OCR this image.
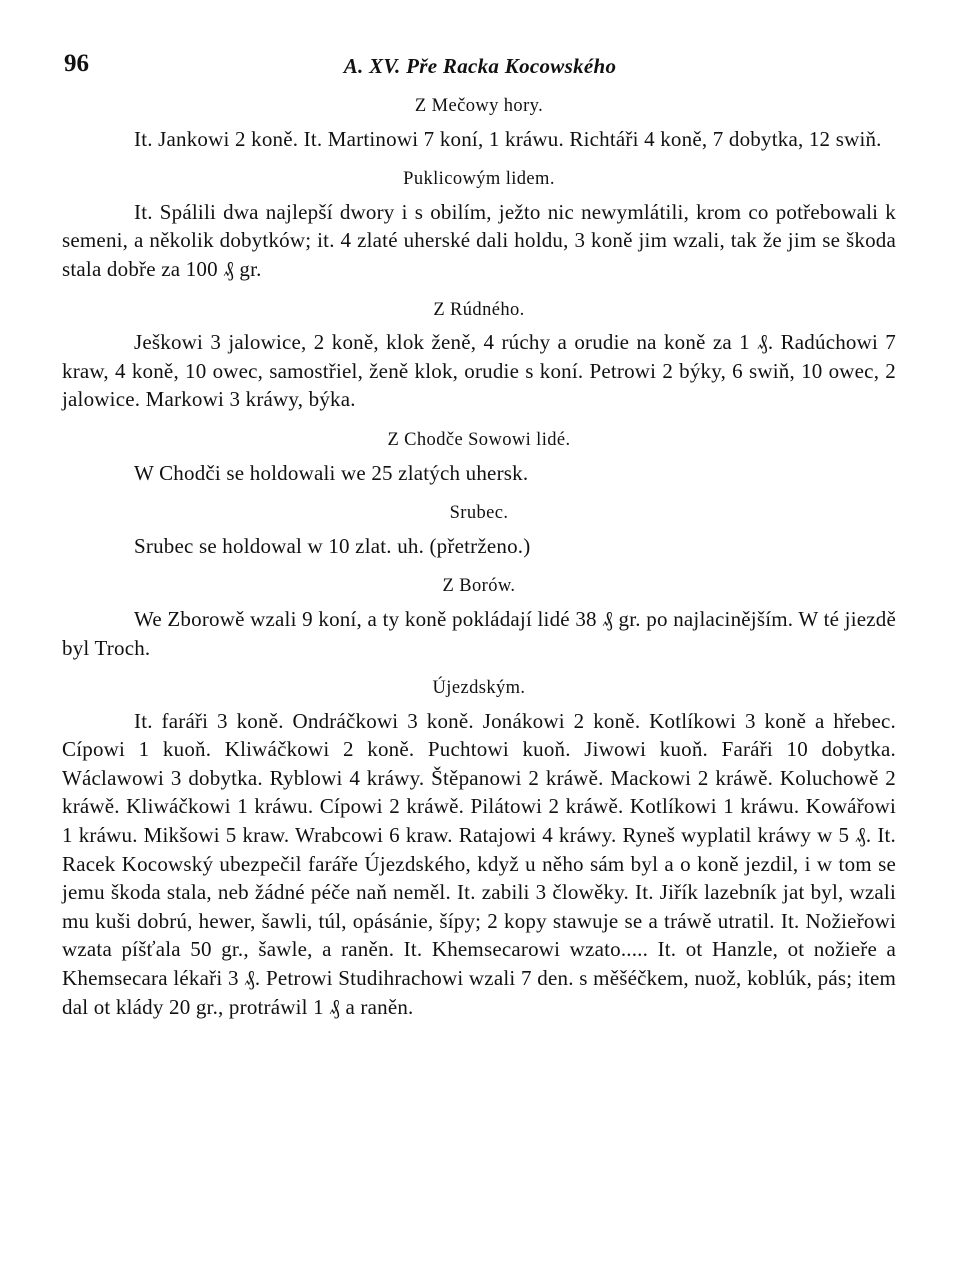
96	A. XV. Pře Racka Kocowského
Z Mečowy hory.

It. Jankowi 2 koně. It. Martinowi 7 koní, 1 kráwu. Richtáři 4 koně, 7 dobytka, 12 swiň.

Puklicowým lidem.

It. Spálili dwa najlepší dwory i s obilím, ježto nic newymlátili, krom co potřebowali k semeni, a několik dobytków; it. 4 zlaté uherské dali holdu, 3 koně jim wzali, tak že jim se škoda stala dobře za 100 ₰ gr.

Z Rúdného.

Ješkowi 3 jalowice, 2 koně, klok ženě, 4 rúchy a orudie na koně za 1 ₰. Radúchowi 7 kraw, 4 koně, 10 owec, samostřiel, ženě klok, orudie s koní. Petrowi 2 býky, 6 swiň, 10 owec, 2 jalowice. Markowi 3 kráwy, býka.

Z Chodče Sowowi lidé.

W Chodči se holdowali we 25 zlatých uhersk.

Srubec.

Srubec se holdowal w 10 zlat. uh. (přetrženo.)

Z Borów.

We Zborowě wzali 9 koní, a ty koně pokládají lidé 38 ₰ gr. po najlacinějším. W té jiezdě byl Troch.

Újezdským.

It. faráři 3 koně. Ondráčkowi 3 koně. Jonákowi 2 koně. Kotlíkowi 3 koně a hřebec. Cípowi 1 kuoň. Kliwáčkowi 2 koně. Puchtowi kuoň. Jiwowi kuoň. Faráři 10 dobytka. Wáclawowi 3 dobytka. Ryblowi 4 kráwy. Štěpanowi 2 kráwě. Mackowi 2 kráwě. Koluchowě 2 kráwě. Kliwáčkowi 1 kráwu. Cípowi 2 kráwě. Pilátowi 2 kráwě. Kotlíkowi 1 kráwu. Kowářowi 1 kráwu. Mikšowi 5 kraw. Wrabcowi 6 kraw. Ratajowi 4 kráwy. Ryneš wyplatil kráwy w 5 ₰. It. Racek Kocowský ubezpečil faráře Újezdského, když u něho sám byl a o koně jezdil, i w tom se jemu škoda stala, neb žádné péče naň neměl. It. zabili 3 člowěky. It. Jiřík lazebník jat byl, wzali mu kuši dobrú, hewer, šawli, túl, opásánie, šípy; 2 kopy stawuje se a tráwě utratil. It. Nožieřowi wzata píšťala 50 gr., šawle, a raněn. It. Khemsecarowi wzato..... It. ot Hanzle, ot nožieře a Khemsecara lékaři 3 ₰. Petrowi Studihrachowi wzali 7 den. s měšéčkem, nuož, koblúk, pás; item dal ot klády 20 gr., protráwil 1 ₰ a raněn.
